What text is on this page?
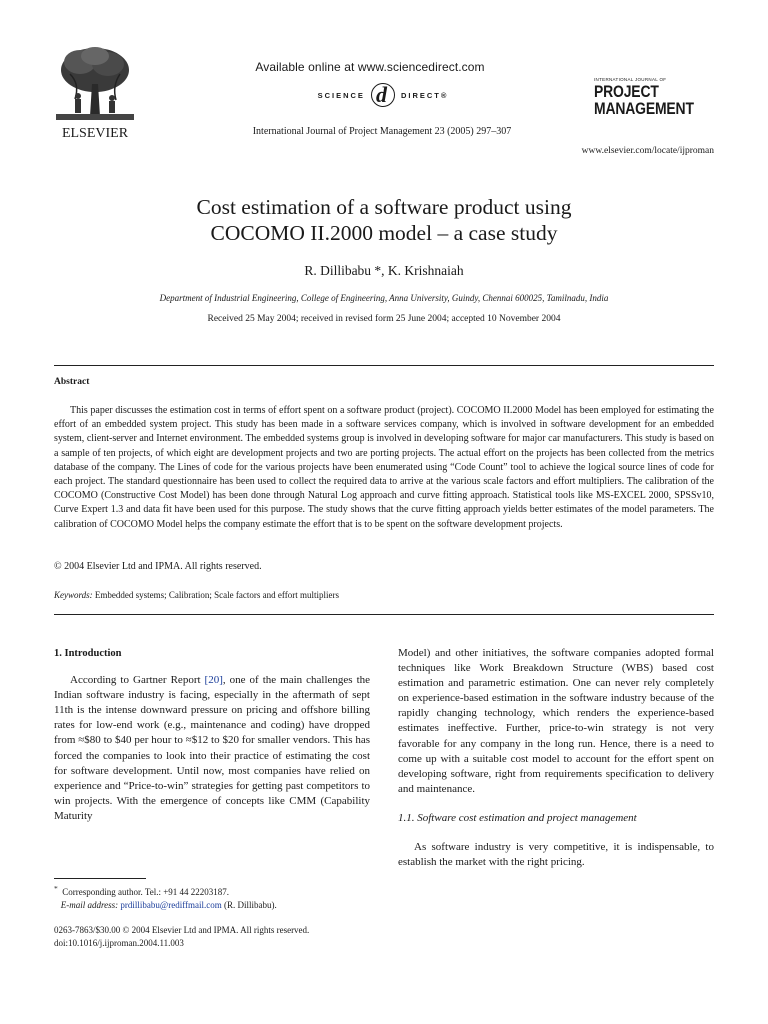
ELSEVIER
Available online at www.sciencedirect.com
SCIENCE d DIRECT®
International Journal of Project Management 23 (2005) 297–307
INTERNATIONAL JOURNAL OF
PROJECT
MANAGEMENT
www.elsevier.com/locate/ijproman
Cost estimation of a software product using
COCOMO II.2000 model – a case study
R. Dillibabu *, K. Krishnaiah
Department of Industrial Engineering, College of Engineering, Anna University, Guindy, Chennai 600025, Tamilnadu, India
Received 25 May 2004; received in revised form 25 June 2004; accepted 10 November 2004
Abstract
This paper discusses the estimation cost in terms of effort spent on a software product (project). COCOMO II.2000 Model has been employed for estimating the effort of an embedded system project. This study has been made in a software services company, which is involved in software development for an embedded system, client-server and Internet environment. The embedded systems group is involved in developing software for major car manufacturers. This study is based on a sample of ten projects, of which eight are development projects and two are porting projects. The actual effort on the projects has been collected from the metrics database of the company. The Lines of code for the various projects have been enumerated using “Code Count” tool to achieve the logical source lines of code for each project. The standard questionnaire has been used to collect the required data to arrive at the various scale factors and effort multipliers. The calibration of the COCOMO (Constructive Cost Model) has been done through Natural Log approach and curve fitting approach. Statistical tools like MS-EXCEL 2000, SPSSv10, Curve Expert 1.3 and data fit have been used for this purpose. The study shows that the curve fitting approach yields better estimates of the model parameters. The calibration of COCOMO Model helps the company estimate the effort that is to be spent on the software development projects.
© 2004 Elsevier Ltd and IPMA. All rights reserved.
Keywords: Embedded systems; Calibration; Scale factors and effort multipliers
1. Introduction

According to Gartner Report [20], one of the main challenges the Indian software industry is facing, especially in the aftermath of sept 11th is the intense downward pressure on pricing and offshore billing rates for low-end work (e.g., maintenance and coding) have dropped from ≈$80 to $40 per hour to ≈$12 to $20 for smaller vendors. This has forced the companies to look into their practice of estimating the cost for software development. Until now, most companies have relied on experience and “Price-to-win” strategies for getting past competitors to win projects. With the emergence of concepts like CMM (Capability Maturity

Model) and other initiatives, the software companies adopted formal techniques like Work Breakdown Structure (WBS) based cost estimation and parametric estimation. One can never rely completely on experience-based estimation in the software industry because of the rapidly changing technology, which renders the experience-based estimates ineffective. Further, price-to-win strategy is not very favorable for any company in the long run. Hence, there is a need to come up with a suitable cost model to account for the effort spent on developing software, right from requirements specification to delivery and maintenance.

1.1. Software cost estimation and project management

As software industry is very competitive, it is indispensable, to establish the market with the right pricing.

* Corresponding author. Tel.: +91 44 22203187.
E-mail address: prdillibabu@rediffmail.com (R. Dillibabu).
0263-7863/$30.00 © 2004 Elsevier Ltd and IPMA. All rights reserved.
doi:10.1016/j.ijproman.2004.11.003
